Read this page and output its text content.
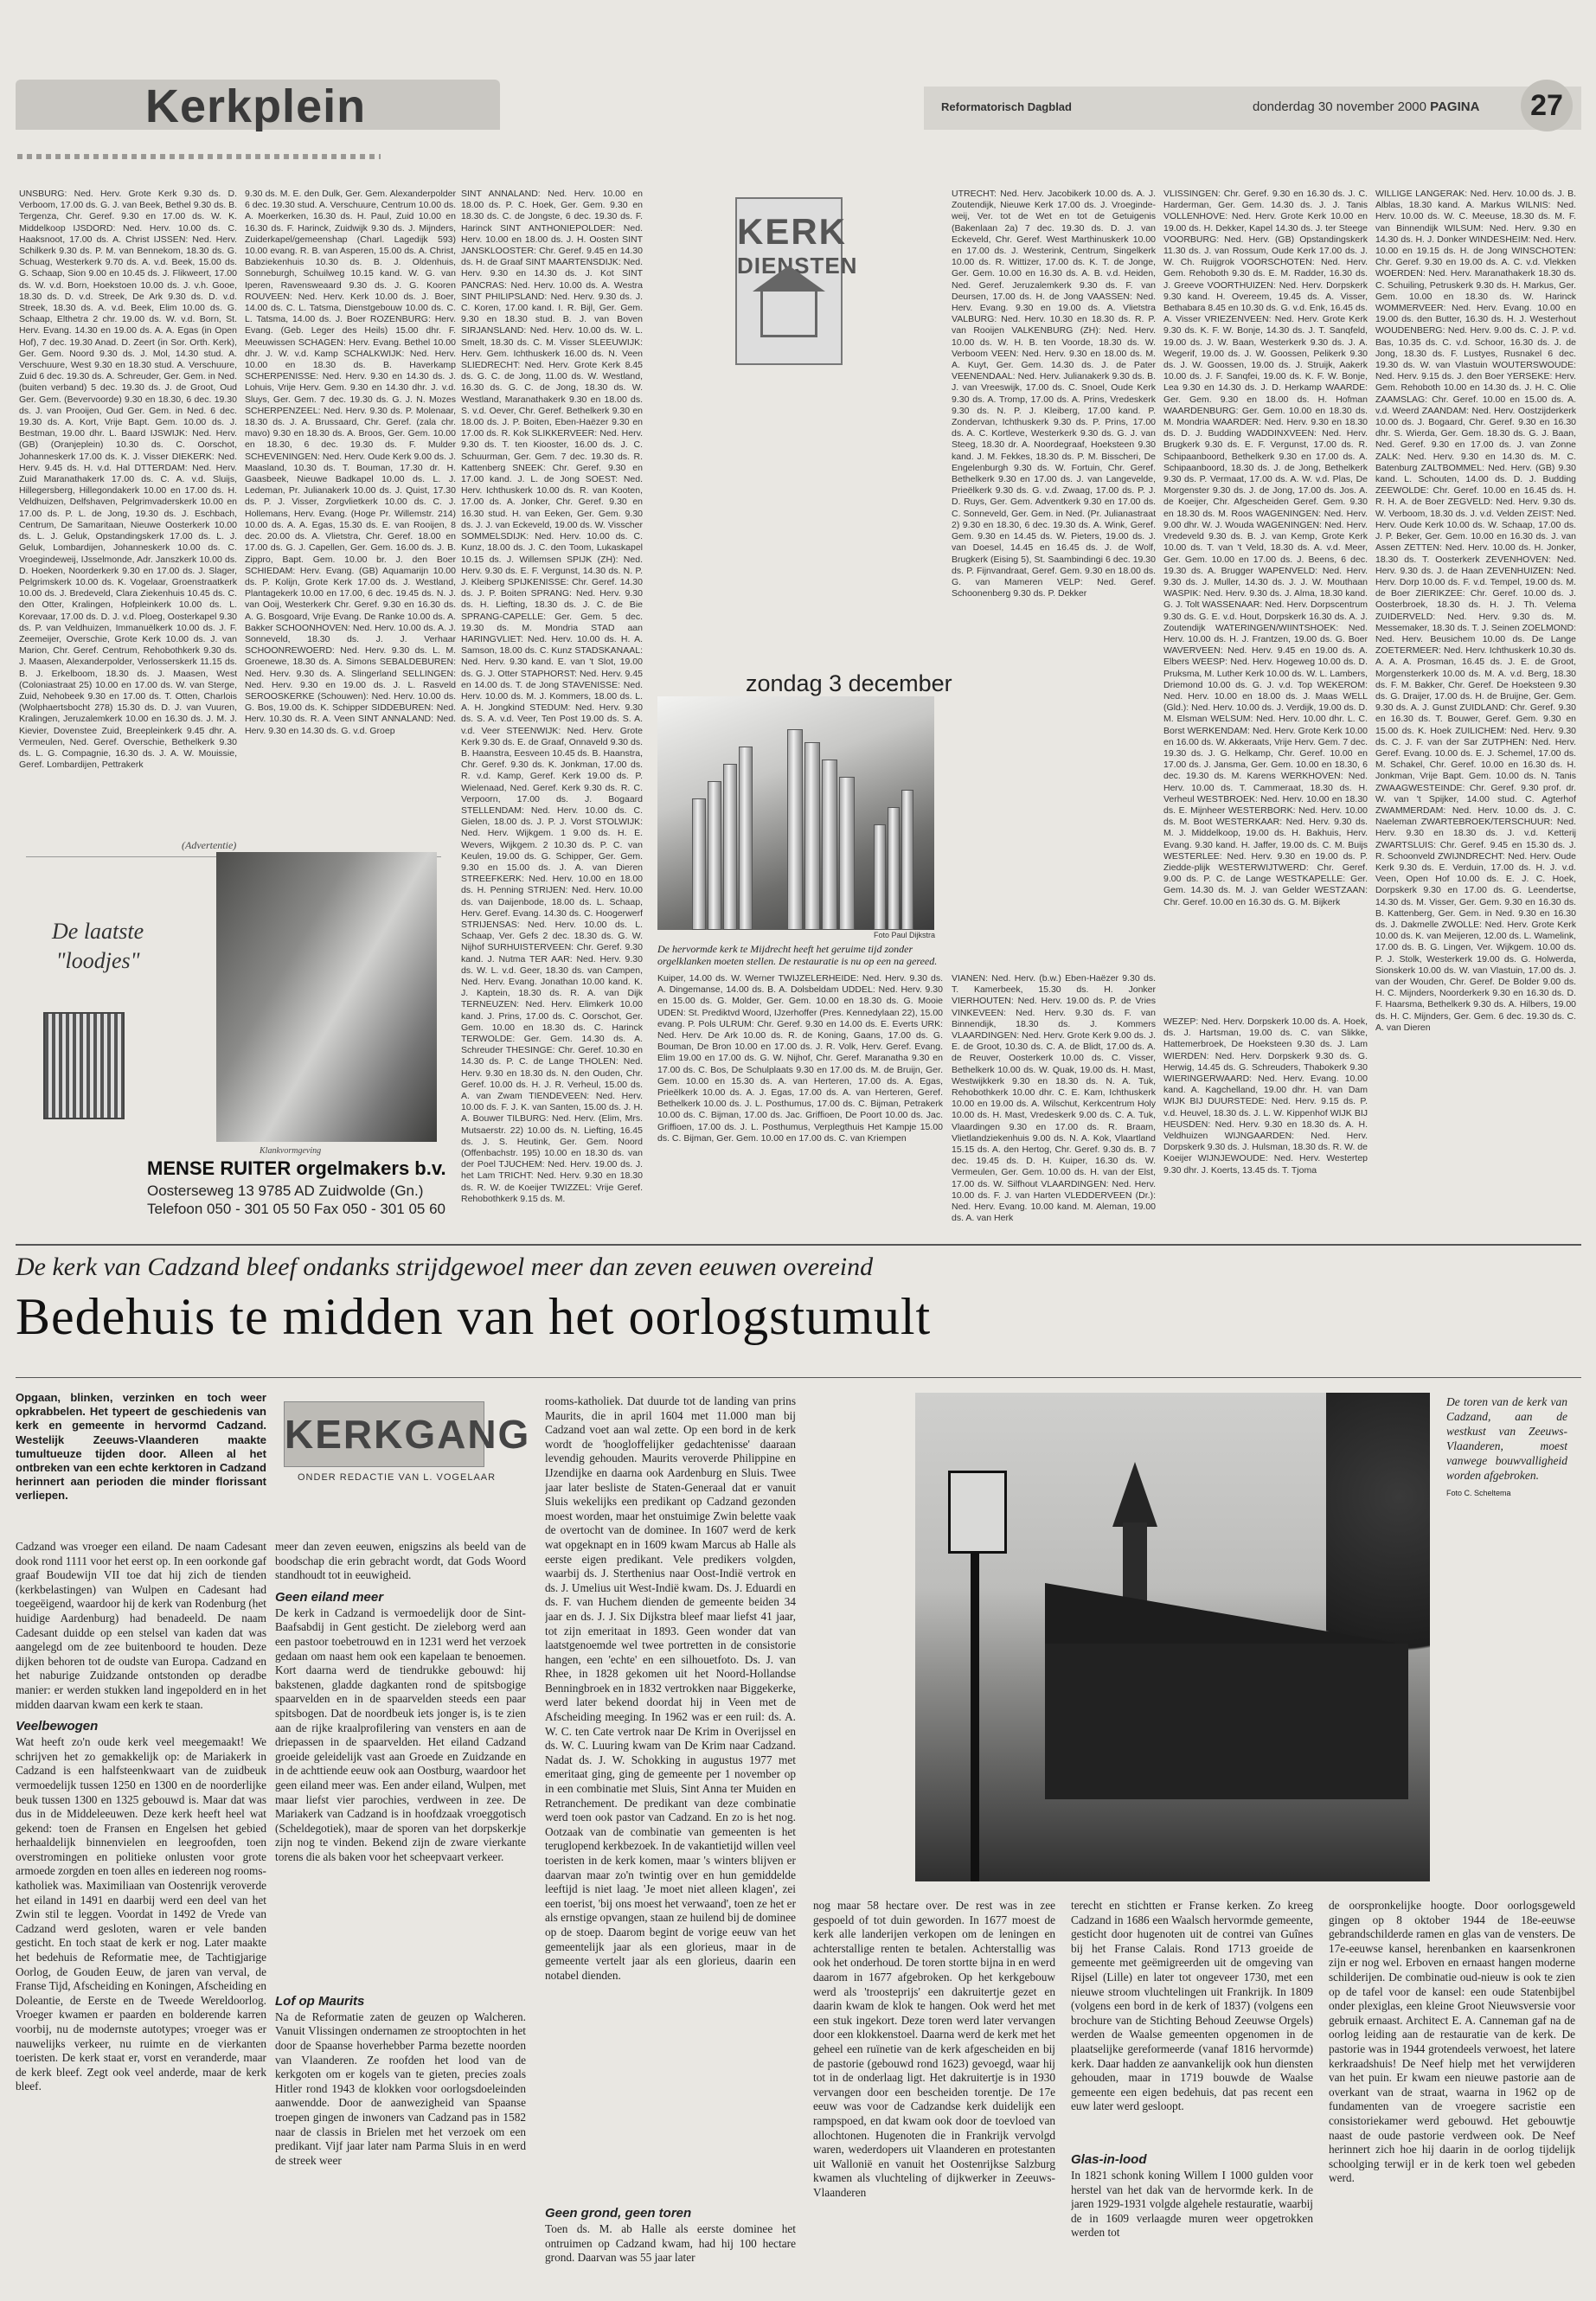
Kerkplein	Reformatorisch Dagblad	donderdag 30 november 2000 PAGINA	27
UNSBURG: Ned. Herv. Grote Kerk 9.30 ds. D. Verboom, 17.00 ds. G. J. van Beek, Bethel 9.30 ds. B. Tergenza, Chr. Geref. 9.30 en 17.00 ds. W. K. Middelkoop IJSDORD: Ned. Herv. 10.00 ds. C. Haaksnoot, 17.00 ds. A. Christ IJSSEN: Ned. Herv. Schilkerk 9.30 ds. P. M. van Bennekom, 18.30 ds. G. Schuag, Westerkerk 9.70 ds. A. v.d. Beek, 15.00 ds. G. Schaap, Sion 9.00 en 10.45 ds. J. Flikweert, 17.00 ds. W. v.d. Born, Hoekstoen 10.00 ds. J. v.h. Gooe, 18.30 ds. D. v.d. Streek, De Ark 9.30 ds. D. v.d. Streek, 18.30 ds. A. v.d. Beek, Elim 10.00 ds. G. Schaap, Elthetra 2 chr. 19.00 ds. W. v.d. Born, St. Herv. Evang. 14.30 en 19.00 ds. A. A. Egas (in Open Hof), 7 dec. 19.30 Anad. D. Zeert (in Sor. Orth. Kerk), Ger. Gem. Noord 9.30 ds. J. Mol, 14.30 stud. A. Verschuure, West 9.30 en 18.30 stud. A. Verschuure, Zuid 6 dec. 19.30 ds. A. Schreuder, Ger. Gem. in Ned. (buiten verband) 5 dec. 19.30 ds. J. de Groot, Oud Ger. Gem. (Bevervoorde) 9.30 en 18.30, 6 dec. 19.30 ds. J. van Prooijen, Oud Ger. Gem. in Ned. 6 dec. 19.30 ds. A. Kort, Vrije Bapt. Gem. 10.00 ds. J. Bestman, 19.00 dhr. L. Baard IJSWIJK: Ned. Herv. (GB) (Oranjeplein) 10.30 ds. C. Oorschot, Johanneskerk 17.00 ds. K. J. Visser DIEKERK: Ned. Herv. 9.45 ds. H. v.d. Hal DTTERDAM: Ned. Herv. Zuid Maranathakerk 17.00 ds. C. A. v.d. Sluijs, Hillegersberg, Hillegondakerk 10.00 en 17.00 ds. H. Veldhuizen, Delfshaven, Pelgrimvaderskerk 10.00 en 17.00 ds. P. L. de Jong, 19.30 ds. J. Eschbach, Centrum, De Samaritaan, Nieuwe Oosterkerk 10.00 ds. L. J. Geluk, Opstandingskerk 17.00 ds. L. J. Geluk, Lombardijen, Johanneskerk 10.00 ds. C. Vroegindeweij, IJsselmonde, Adr. Janszkerk 10.00 ds. D. Hoeken, Noorderkerk 9.30 en 17.00 ds. J. Slager, Pelgrimskerk 10.00 ds. K. Vogelaar, Groenstraatkerk 10.00 ds. J. Bredeveld, Clara Ziekenhuis 10.45 ds. C. den Otter, Kralingen, Hofpleinkerk 10.00 ds. L. Korevaar, 17.00 ds. D. J. v.d. Ploeg, Oosterkapel 9.30 ds. P. van Veldhuizen, Immanuëlkerk 10.00 ds. J. F. Zeemeijer, Overschie, Grote Kerk 10.00 ds. J. van Marion, Chr. Geref. Centrum, Rehobothkerk 9.30 ds. J. Maasen, Alexanderpolder, Verlosserskerk 11.15 ds. B. J. Erkelboom, 18.30 ds. J. Maasen, West (Coloniastraat 25) 10.00 en 17.00 ds. W. van Sterge, Zuid, Nehobeek 9.30 en 17.00 ds. T. Otten, Charlois (Wolphaertsbocht 278) 15.30 ds. D. J. van Vuuren, Kralingen, Jeruzalemkerk 10.00 en 16.30 ds. J. M. J. Kievier, Dovenstee Zuid, Breepleinkerk 9.45 dhr. A. Vermeulen, Ned. Geref. Overschie, Bethelkerk 9.30 ds. L. G. Compagnie, 16.30 ds. J. A. W. Mouissie, Geref. Lombardijen, Pettrakerk
9.30 ds. M. E. den Dulk, Ger. Gem. Alexanderpolder 6 dec. 19.30 stud. A. Verschuure, Centrum 10.00 ds. A. Moerkerken, 16.30 ds. H. Paul, Zuid 10.00 en 16.30 ds. F. Harinck, Zuidwijk 9.30 ds. J. Mijnders, Zuiderkapel/gemeenshap (Charl. Lagedijk 593) 10.00 evang. R. B. van Asperen, 15.00 ds. A. Christ, Babziekenhuis 10.30 ds. B. J. Oldenhuis, Sonneburgh, Schuilweg 10.15 kand. W. G. van Iperen, Ravensweaard 9.30 ds. J. G. Kooren ROUVEEN: Ned. Herv. Kerk 10.00 ds. J. Boer, 14.00 ds. C. L. Tatsma, Dienstgebouw 10.00 ds. C. L. Tatsma, 14.00 ds. J. Boer ROZENBURG: Herv. Evang. (Geb. Leger des Heils) 15.00 dhr. F. Meeuwissen SCHAGEN: Herv. Evang. Bethel 10.00 dhr. J. W. v.d. Kamp SCHALKWIJK: Ned. Herv. 10.00 en 18.30 ds. B. Haverkamp SCHERPENISSE: Ned. Herv. 9.30 en 14.30 ds. J. Lohuis, Vrije Herv. Gem. 9.30 en 14.30 dhr. J. v.d. Sluys, Ger. Gem. 7 dec. 19.30 ds. G. J. N. Mozes SCHERPENZEEL: Ned. Herv. 9.30 ds. P. Molenaar, 18.30 ds. J. A. Brussaard, Chr. Geref. (zala chr. mavo) 9.30 en 18.30 ds. A. Broos, Ger. Gem. 10.00 en 18.30, 6 dec. 19.30 ds. F. Mulder SCHEVENINGEN: Ned. Herv. Oude Kerk 9.00 ds. J. Maasland, 10.30 ds. T. Bouman, 17.30 dr. H. Gaasbeek, Nieuwe Badkapel 10.00 ds. L. J. Ledeman, Pr. Julianakerk 10.00 ds. J. Quist, 17.30 ds. P. J. Visser, Zorgvlietkerk 10.00 ds. C. J. Hollemans, Herv. Evang. (Hoge Pr. Willemstr. 214) 10.00 ds. A. A. Egas, 15.30 ds. E. van Rooijen, 8 dec. 20.00 ds. A. Vlietstra, Chr. Geref. 18.00 en 17.00 ds. G. J. Capellen, Ger. Gem. 16.00 ds. J. B. Zippro, Bapt. Gem. 10.00 br. J. den Boer SCHIEDAM: Herv. Evang. (GB) Aquamarijn 10.00 ds. P. Kolijn, Grote Kerk 17.00 ds. J. Westland, Plantagekerk 10.00 en 17.00, 6 dec. 19.45 ds. N. J. van Ooij, Westerkerk Chr. Geref. 9.30 en 16.30 ds. A. G. Bosgoard, Vrije Evang. De Ranke 10.00 ds. A. Bakker SCHOONHOVEN: Ned. Herv. 10.00 ds. A. J. Sonneveld, 18.30 ds. J. J. Verhaar SCHOONREWOERD: Ned. Herv. 9.30 ds. L. M. Groenewe, 18.30 ds. A. Simons SEBALDEBUREN: Ned. Herv. 9.30 ds. A. Slingerland SELLINGEN: Ned. Herv. 9.30 en 19.00 ds. J. L. Rasveld SEROOSKERKE (Schouwen): Ned. Herv. 10.00 ds. G. Bos, 19.00 ds. K. Schipper SIDDEBUREN: Ned. Herv. 10.30 ds. R. A. Veen SINT ANNALAND: Ned. Herv. 9.30 en 14.30 ds. G. v.d. Groep
SINT ANNALAND: Ned. Herv. 10.00 en 18.00 ds. P. C. Hoek, Ger. Gem. 9.30 en 18.30 ds. C. de Jongste, 6 dec. 19.30 ds. F. Harinck SINT ANTHONIEPOLDER: Ned. Herv. 10.00 en 18.00 ds. J. H. Oosten SINT JANSKLOOSTER: Chr. Geref. 9.45 en 14.30 ds. H. de Graaf SINT MAARTENSDIJK: Ned. Herv. 9.30 en 14.30 ds. J. Kot SINT PANCRAS: Ned. Herv. 10.00 ds. A. Westra SINT PHILIPSLAND: Ned. Herv. 9.30 ds. J. C. Koren, 17.00 kand. I. R. Bijl, Ger. Gem. 9.30 en 18.30 stud. B. J. van Boven SIRJANSLAND: Ned. Herv. 10.00 ds. W. L. Smelt, 18.30 ds. C. M. Visser SLEEUWIJK: Herv. Gem. Ichthuskerk 16.00 ds. N. Veen SLIEDRECHT: Ned. Herv. Grote Kerk 8.45 ds. G. C. de Jong, 11.00 ds. W. Westland, 16.30 ds. G. C. de Jong, 18.30 ds. W. Westland, Maranathakerk 9.30 en 18.00 ds. S. v.d. Oever, Chr. Geref. Bethelkerk 9.30 en 18.00 ds. J. P. Boiten, Eben-Haëzer 9.30 en 17.00 ds. R. Kok SLIKKERVEER: Ned. Herv. 9.30 ds. T. ten Kiooster, 16.00 ds. J. C. Schuurman, Ger. Gem. 7 dec. 19.30 ds. R. Kattenberg SNEEK: Chr. Geref. 9.30 en 17.00 kand. J. L. de Jong SOEST: Ned. Herv. Ichthuskerk 10.00 ds. R. van Kooten, 17.00 ds. A. Jonker, Chr. Geref. 9.30 en 16.30 stud. H. van Eeken, Ger. Gem. 9.30 ds. J. J. van Eckeveld, 19.00 ds. W. Visscher SOMMELSDIJK: Ned. Herv. 10.00 ds. C. Kunz, 18.00 ds. J. C. den Toom, Lukaskapel 10.15 ds. J. Willemsen SPIJK (ZH): Ned. Herv. 9.30 ds. E. F. Vergunst, 14.30 ds. N. P. J. Kleiberg SPIJKENISSE: Chr. Geref. 14.30 ds. J. P. Boiten SPRANG: Ned. Herv. 9.30 ds. H. Liefting, 18.30 ds. J. C. de Bie SPRANG-CAPELLE: Ger. Gem. 5 dec. 19.30 ds. M. Mondria STAD aan HARINGVLIET: Ned. Herv. 10.00 ds. H. A. Samson, 18.00 ds. C. Kunz STADSKANAAL: Ned. Herv. 9.30 kand. E. van 't Slot, 19.00 ds. G. J. Otter STAPHORST: Ned. Herv. 9.45 en 14.00 ds. T. de Jong STAVENISSE: Ned. Herv. 10.00 ds. M. J. Kommers, 18.00 ds. L. A. H. Jongkind STEDUM: Ned. Herv. 9.30 ds. S. A. v.d. Veer, Ten Post 19.00 ds. S. A. v.d. Veer STEENWIJK: Ned. Herv. Grote Kerk 9.30 ds. E. de Graaf, Onnaveld 9.30 ds. B. Haanstra, Eesveen 10.45 ds. B. Haanstra, Chr. Geref. 9.30 ds. K. Jonkman, 17.00 ds. R. v.d. Kamp, Geref. Kerk 19.00 ds. P. Wielenaad, Ned. Geref. Kerk 9.30 ds. R. C. Verpoorn, 17.00 ds. J. Bogaard STELLENDAM: Ned. Herv. 10.00 ds. C. Gielen, 18.00 ds. J. P. J. Vorst STOLWIJK: Ned. Herv. Wijkgem. 1 9.00 ds. H. E. Wevers, Wijkgem. 2 10.30 ds. P. C. van Keulen, 19.00 ds. G. Schipper, Ger. Gem. 9.30 en 15.00 ds. J. A. van Dieren STREEFKERK: Ned. Herv. 10.00 en 18.00 ds. H. Penning STRIJEN: Ned. Herv. 10.00 ds. van Daijenbode, 18.00 ds. L. Schaap, Herv. Geref. Evang. 14.30 ds. C. Hoogerwerf STRIJENSAS: Ned. Herv. 10.00 ds. L. Schaap, Ver. Gefs 2 dec. 18.30 ds. G. W. Nijhof SURHUISTERVEEN: Chr. Geref. 9.30 kand. J. Nutma TER AAR: Ned. Herv. 9.30 ds. W. L. v.d. Geer, 18.30 ds. van Campen, Ned. Herv. Evang. Jonathan 10.00 kand. K. J. Kaptein, 18.30 ds. R. A. van Dijk TERNEUZEN: Ned. Herv. Elimkerk 10.00 kand. J. Prins, 17.00 ds. C. Oorschot, Ger. Gem. 10.00 en 18.30 ds. C. Harinck TERWOLDE: Ger. Gem. 14.30 ds. A. Schreuder THESINGE: Chr. Geref. 10.30 en 14.30 ds. P. C. de Lange THOLEN: Ned. Herv. 9.30 en 18.30 ds. N. den Ouden, Chr. Geref. 10.00 ds. H. J. R. Verheul, 15.00 ds. A. van Zwam TIENDEVEEN: Ned. Herv. 10.00 ds. F. J. K. van Santen, 15.00 ds. J. H. A. Bouwer TILBURG: Ned. Herv. (Elim, Mrs. Mutsaerstr. 22) 10.00 ds. N. Liefting, 16.45 ds. J. S. Heutink, Ger. Gem. Noord (Offenbachstr. 195) 10.00 en 18.30 ds. van der Poel TJUCHEM: Ned. Herv. 19.00 ds. J. het Lam TRICHT: Ned. Herv. 9.30 en 18.30 ds. R. W. de Koeijer TWIZZEL: Vrije Geref. Rehobothkerk 9.15 ds. M.
KERK
DIENSTEN
zondag 3 december
Foto Paul Dijkstra
De hervormde kerk te Mijdrecht heeft het geruime tijd zonder orgelklanken moeten stellen. De restauratie is nu op een na gereed.
Kuiper, 14.00 ds. W. Werner TWIJZELERHEIDE: Ned. Herv. 9.30 ds. A. Dingemanse, 14.00 ds. B. A. Dolsbeldam UDDEL: Ned. Herv. 9.30 en 15.00 ds. G. Molder, Ger. Gem. 10.00 en 18.30 ds. G. Mooie UDEN: St. Prediktvd Woord, IJzerhoffer (Pres. Kennedylaan 22), 15.00 evang. P. Pols ULRUM: Chr. Geref. 9.30 en 14.00 ds. E. Everts URK: Ned. Herv. De Ark 10.00 ds. R. de Koning, Gaans, 17.00 ds. G. Bouman, De Bron 10.00 en 17.00 ds. J. R. Volk, Herv. Geref. Evang. Elim 19.00 en 17.00 ds. G. W. Nijhof, Chr. Geref. Maranatha 9.30 en 17.00 ds. C. Bos, De Schulplaats 9.30 en 17.00 ds. M. de Bruijn, Ger. Gem. 10.00 en 15.30 ds. A. van Herteren, 17.00 ds. A. Egas, Prieëlkerk 10.00 ds. A. J. Egas, 17.00 ds. A. van Herteren, Geref. Bethelkerk 10.00 ds. J. L. Posthumus, 17.00 ds. C. Bijman, Petrakerk 10.00 ds. C. Bijman, 17.00 ds. Jac. Griffioen, De Poort 10.00 ds. Jac. Griffioen, 17.00 ds. J. L. Posthumus, Verplegthuis Het Kampje 15.00 ds. C. Bijman, Ger. Gem. 10.00 en 17.00 ds. C. van Kriempen
UTRECHT: Ned. Herv. Jacobikerk 10.00 ds. A. J. Zoutendijk, Nieuwe Kerk 17.00 ds. J. Vroegindeweij, Ver. tot de Wet en tot de Getuigenis (Bakenlaan 2a) 7 dec. 19.30 ds. D. J. van Eckeveld, Chr. Geref. West Marthinuskerk 10.00 en 17.00 ds. J. Westerink, Centrum, Singelkerk 10.00 ds. R. Wittizer, 17.00 ds. K. T. de Jonge, Ger. Gem. 10.00 en 16.30 ds. A. B. v.d. Heiden, Ned. Geref. Jeruzalemkerk 9.30 ds. F. van Deursen, 17.00 ds. H. de Jong VAASSEN: Ned. Herv. Evang. 9.30 en 19.00 ds. A. Vlietstra VALBURG: Ned. Herv. 10.30 en 18.30 ds. R. P. van Rooijen VALKENBURG (ZH): Ned. Herv. 10.00 ds. W. H. B. ten Voorde, 18.30 ds. W. Verboom VEEN: Ned. Herv. 9.30 en 18.00 ds. M. A. Kuyt, Ger. Gem. 14.30 ds. J. de Pater VEENENDAAL: Ned. Herv. Julianakerk 9.30 ds. B. J. van Vreeswijk, 17.00 ds. C. Snoel, Oude Kerk 9.30 ds. A. Tromp, 17.00 ds. A. Prins, Vredeskerk 9.30 ds. N. P. J. Kleiberg, 17.00 kand. P. Zondervan, Ichthuskerk 9.30 ds. P. Prins, 17.00 ds. A. C. Kortleve, Westerkerk 9.30 ds. G. J. van Steeg, 18.30 dr. A. Noordegraaf, Hoeksteen 9.30 kand. J. M. Fekkes, 18.30 ds. P. M. Bisscheri, De Engelenburgh 9.30 ds. W. Fortuin, Chr. Geref. Bethelkerk 9.30 en 17.00 ds. J. van Langevelde, Prieëlkerk 9.30 ds. G. v.d. Zwaag, 17.00 ds. P. J. D. Ruys, Ger. Gem. Adventkerk 9.30 en 17.00 ds. C. Sonneveld, Ger. Gem. in Ned. (Pr. Julianastraat 2) 9.30 en 18.30, 6 dec. 19.30 ds. A. Wink, Geref. Gem. 9.30 en 14.45 ds. W. Pieters, 19.00 ds. J. van Doesel, 14.45 en 16.45 ds. J. de Wolf, Brugkerk (Eising 5), St. Saambindingi 6 dec. 19.30 ds. P. Fijnvandraat, Geref. Gem. 9.30 en 18.00 ds. G. van Mameren VELP: Ned. Geref. Schoonenberg 9.30 ds. P. Dekker
VIANEN: Ned. Herv. (b.w.) Eben-Haëzer 9.30 ds. T. Kamerbeek, 15.30 ds. H. Jonker VIERHOUTEN: Ned. Herv. 19.00 ds. P. de Vries VINKEVEEN: Ned. Herv. 9.30 ds. F. van Binnendijk, 18.30 ds. J. Kommers VLAARDINGEN: Ned. Herv. Grote Kerk 9.00 ds. J. E. de Groot, 10.30 ds. C. A. de Blidt, 17.00 ds. A. de Reuver, Oosterkerk 10.00 ds. C. Visser, Bethelkerk 10.00 ds. W. Quak, 19.00 ds. H. Mast, Westwijkkerk 9.30 en 18.30 ds. N. A. Tuk, Rehobothkerk 10.00 dhr. C. E. Kam, Ichthuskerk 10.00 en 19.00 ds. A. Wilschut, Kerkcentrum Holy 10.00 ds. H. Mast, Vredeskerk 9.00 ds. C. A. Tuk, Vlaardingen 9.30 en 17.00 ds. R. Braam, Vlietlandziekenhuis 9.00 ds. N. A. Kok, Vlaartland 15.15 ds. A. den Hertog, Chr. Geref. 9.30 ds. B. 7 dec. 19.45 ds. D. H. Kuiper, 16.30 ds. W. Vermeulen, Ger. Gem. 10.00 ds. H. van der Elst, 17.00 ds. W. Silfhout VLAARDINGEN: Ned. Herv. 10.00 ds. F. J. van Harten VLEDDERVEEN (Dr.): Ned. Herv. Evang. 10.00 kand. M. Aleman, 19.00 ds. A. van Herk
VLISSINGEN: Chr. Geref. 9.30 en 16.30 ds. J. C. Harderman, Ger. Gem. 14.30 ds. J. J. Tanis VOLLENHOVE: Ned. Herv. Grote Kerk 10.00 en 19.00 ds. H. Dekker, Kapel 14.30 ds. J. ter Steege VOORBURG: Ned. Herv. (GB) Opstandingskerk 11.30 ds. J. van Rossum, Oude Kerk 17.00 ds. J. W. Ch. Ruijgrok VOORSCHOTEN: Ned. Herv. Gem. Rehoboth 9.30 ds. E. M. Radder, 16.30 ds. J. Greeve VOORTHUIZEN: Ned. Herv. Dorpskerk 9.30 kand. H. Overeem, 19.45 ds. A. Visser, Bethabara 8.45 en 10.30 ds. G. v.d. Enk, 16.45 ds. A. Visser VRIEZENVEEN: Ned. Herv. Grote Kerk 9.30 ds. K. F. W. Bonje, 14.30 ds. J. T. Sanqfeld, 19.00 ds. J. W. Baan, Westerkerk 9.30 ds. J. A. Wegerif, 19.00 ds. J. W. Goossen, Pelikerk 9.30 ds. J. W. Goossen, 19.00 ds. J. Struijk, Aakerk 10.00 ds. J. F. Sanqfei, 19.00 ds. K. F. W. Bonje, Lea 9.30 en 14.30 ds. J. D. Herkamp WAARDE: Ger. Gem. 9.30 en 18.00 ds. H. Hofman WAARDENBURG: Ger. Gem. 10.00 en 18.30 ds. M. Mondria WAARDER: Ned. Herv. 9.30 en 18.30 ds. D. J. Budding WADDINXVEEN: Ned. Herv. Brugkerk 9.30 ds. E. F. Vergunst, 17.00 ds. R. Schipaanboord, Bethelkerk 9.30 en 17.00 ds. A. Schipaanboord, 18.30 ds. J. de Jong, Bethelkerk 9.30 ds. P. Vermaat, 17.00 ds. A. W. v.d. Plas, De Morgenster 9.30 ds. J. de Jong, 17.00 ds. Jos. A. de Koeijer, Chr. Afgescheiden Geref. Gem. 9.30 en 18.30 ds. M. Roos WAGENINGEN: Ned. Herv. 9.00 dhr. W. J. Wouda WAGENINGEN: Ned. Herv. Vredeveld 9.30 ds. B. J. van Kemp, Grote Kerk 10.00 ds. T. van 't Veld, 18.30 ds. A. v.d. Meer, Ger. Gem. 10.00 en 17.00 ds. J. Beens, 6 dec. 19.30 ds. A. Brugger WAPENVELD: Ned. Herv. 9.30 ds. J. Muller, 14.30 ds. J. J. W. Mouthaan WASPIK: Ned. Herv. 9.30 ds. J. Alma, 18.30 kand. G. J. Tolt WASSENAAR: Ned. Herv. Dorpscentrum 9.30 ds. G. E. v.d. Hout, Dorpskerk 16.30 ds. A. J. Zoutendijk WATERINGEN/WIINTSHOEK: Ned. Herv. 10.00 ds. H. J. Frantzen, 19.00 ds. G. Boer WAVERVEEN: Ned. Herv. 9.45 en 19.00 ds. A. Elbers WEESP: Ned. Herv. Hogeweg 10.00 ds. D. Pruksma, M. Luther Kerk 10.00 ds. W. L. Lambers, Driemond 10.00 ds. G. J. v.d. Top WEKEROM: Ned. Herv. 10.00 en 18.00 ds. J. Maas WELL (Gld.): Ned. Herv. 10.00 ds. J. Verdijk, 19.00 ds. D. M. Elsman WELSUM: Ned. Herv. 10.00 dhr. L. C. Borst WERKENDAM: Ned. Herv. Grote Kerk 10.00 en 16.00 ds. W. Akkeraats, Vrije Herv. Gem. 7 dec. 19.30 ds. J. G. Helkamp, Chr. Geref. 10.00 en 17.00 ds. J. Jansma, Ger. Gem. 10.00 en 18.30, 6 dec. 19.30 ds. M. Karens WERKHOVEN: Ned. Herv. 10.00 ds. T. Cammeraat, 18.30 ds. H. Verheul WESTBROEK: Ned. Herv. 10.00 en 18.30 ds. E. Mijnheer WESTERBORK: Ned. Herv. 10.00 ds. M. Boot WESTERKAAR: Ned. Herv. 9.30 ds. M. J. Middelkoop, 19.00 ds. H. Bakhuis, Herv. Evang. 9.30 kand. H. Jaffer, 19.00 ds. C. M. Buijs WESTERLEE: Ned. Herv. 9.30 en 19.00 ds. P. Ziedde-plijk WESTERWIJTWERD: Chr. Geref. 9.00 ds. P. C. de Lange WESTKAPELLE: Ger. Gem. 14.30 ds. M. J. van Gelder WESTZAAN: Chr. Geref. 10.00 en 16.30 ds. G. M. Bijkerk
WEZEP: Ned. Herv. Dorpskerk 10.00 ds. A. Hoek, ds. J. Hartsman, 19.00 ds. C. van Slikke, Hattemerbroek, De Hoeksteen 9.30 ds. J. Lam WIERDEN: Ned. Herv. Dorpskerk 9.30 ds. G. Herwig, 14.45 ds. G. Schreuders, Thabokerk 9.30 WIERINGERWAARD: Ned. Herv. Evang. 10.00 kand. A. Kagchelland, 19.00 dhr. H. van Dam WIJK BIJ DUURSTEDE: Ned. Herv. 9.15 ds. P. v.d. Heuvel, 18.30 ds. J. L. W. Kippenhof WIJK BIJ HEUSDEN: Ned. Herv. 9.30 en 18.30 ds. A. H. Veldhuizen WIJNGAARDEN: Ned. Herv. Dorpskerk 9.30 ds. J. Hulsman, 18.30 ds. R. W. de Koeijer WIJNJEWOUDE: Ned. Herv. Westertep 9.30 dhr. J. Koerts, 13.45 ds. T. Tjoma
WILLIGE LANGERAK: Ned. Herv. 10.00 ds. J. B. Alblas, 18.30 kand. A. Markus WILNIS: Ned. Herv. 10.00 ds. W. C. Meeuse, 18.30 ds. M. F. van Binnendijk WILSUM: Ned. Herv. 9.30 en 14.30 ds. H. J. Donker WINDESHEIM: Ned. Herv. 10.00 en 19.15 ds. H. de Jong WINSCHOTEN: Chr. Geref. 9.30 en 19.00 ds. A. C. v.d. Vlekken WOERDEN: Ned. Herv. Maranathakerk 18.30 ds. C. Schuiling, Petruskerk 9.30 ds. H. Markus, Ger. Gem. 10.00 en 18.30 ds. W. Harinck WOMMERVEER: Ned. Herv. Evang. 10.00 en 19.00 ds. den Butter, 16.30 ds. H. J. Westerhout WOUDENBERG: Ned. Herv. 9.00 ds. C. J. P. v.d. Bas, 10.35 ds. C. v.d. Schoor, 16.30 ds. J. de Jong, 18.30 ds. F. Lustyes, Rusnakel 6 dec. 19.30 ds. W. van Vlastuin WOUTERSWOUDE: Ned. Herv. 9.15 ds. J. den Boer YERSEKE: Herv. Gem. Rehoboth 10.00 en 14.30 ds. J. H. C. Olie ZAAMSLAG: Chr. Geref. 10.00 en 15.00 ds. A. v.d. Weerd ZAANDAM: Ned. Herv. Oostzijderkerk 10.00 ds. J. Bogaard, Chr. Geref. 9.30 en 16.30 dhr. S. Wierda, Ger. Gem. 18.30 ds. G. J. Baan, Ned. Geref. 9.30 en 17.00 ds. J. van Zonne ZALK: Ned. Herv. 9.30 en 14.30 ds. M. C. Batenburg ZALTBOMMEL: Ned. Herv. (GB) 9.30 kand. L. Schouten, 14.00 ds. D. J. Budding ZEEWOLDE: Chr. Geref. 10.00 en 16.45 ds. H. R. H. A. de Boer ZEGVELD: Ned. Herv. 9.30 ds. W. Verboom, 18.30 ds. J. v.d. Velden ZEIST: Ned. Herv. Oude Kerk 10.00 ds. W. Schaap, 17.00 ds. J. P. Beker, Ger. Gem. 10.00 en 16.30 ds. J. van Assen ZETTEN: Ned. Herv. 10.00 ds. H. Jonker, 18.30 ds. T. Oosterkerk ZEVENHOVEN: Ned. Herv. 9.30 ds. J. de Haan ZEVENHUIZEN: Ned. Herv. Dorp 10.00 ds. F. v.d. Tempel, 19.00 ds. M. de Boer ZIERIKZEE: Chr. Geref. 10.00 ds. J. Oosterbroek, 18.30 ds. H. J. Th. Velema ZUIDERVELD: Ned. Herv. 9.30 ds. M. Messemaker, 18.30 ds. T. J. Seinen ZOELMOND: Ned. Herv. Beusichem 10.00 ds. De Lange ZOETERMEER: Ned. Herv. Ichthuskerk 10.30 ds. A. A. A. Prosman, 16.45 ds. J. E. de Groot, Morgensterkerk 10.00 ds. M. A. v.d. Berg, 18.30 ds. F. M. Bakker, Chr. Geref. De Hoeksteen 9.30 ds. G. Draijer, 17.00 ds. H. de Bruijne, Ger. Gem. 9.30 ds. A. J. Gunst ZUIDLAND: Chr. Geref. 9.30 en 16.30 ds. T. Bouwer, Geref. Gem. 9.30 en 15.00 ds. K. Hoek ZUILICHEM: Ned. Herv. 9.30 ds. C. J. F. van der Sar ZUTPHEN: Ned. Herv. Geref. Evang. 10.00 ds. E. J. Schemel, 17.00 ds. M. Schakel, Chr. Geref. 10.00 en 16.30 ds. H. Jonkman, Vrije Bapt. Gem. 10.00 ds. N. Tanis ZWAAGWESTEINDE: Chr. Geref. 9.30 prof. dr. W. van 't Spijker, 14.00 stud. C. Agterhof ZWAMMERDAM: Ned. Herv. 10.00 ds. J. C. Naeleman ZWARTEBROEK/TERSCHUUR: Ned. Herv. 9.30 en 18.30 ds. J. v.d. Ketterij ZWARTSLUIS: Chr. Geref. 9.45 en 15.30 ds. J. R. Schoonveld ZWIJNDRECHT: Ned. Herv. Oude Kerk 9.30 ds. E. Verduin, 17.00 ds. H. J. v.d. Veen, Open Hof 10.00 ds. E. J. C. Hoek, Dorpskerk 9.30 en 17.00 ds. G. Leendertse, 14.30 ds. M. Visser, Ger. Gem. 9.30 en 16.30 ds. B. Kattenberg, Ger. Gem. in Ned. 9.30 en 16.30 ds. J. Dakmelle ZWOLLE: Ned. Herv. Grote Kerk 10.00 ds. K. van Meijeren, 12.00 ds. L. Wamelink, 17.00 ds. B. G. Lingen, Ver. Wijkgem. 10.00 ds. P. J. Stolk, Westerkerk 19.00 ds. G. Holwerda, Sionskerk 10.00 ds. W. van Vlastuin, 17.00 ds. J. van der Wouden, Chr. Geref. De Bolder 9.00 ds. H. C. Mijnders, Noorderkerk 9.30 en 16.30 ds. D. F. Haarsma, Bethelkerk 9.30 ds. A. Hilbers, 19.00 ds. H. C. Mijnders, Ger. Gem. 6 dec. 19.30 ds. C. A. van Dieren
(Advertentie)
De laatste
"loodjes"
Klankvormgeving
MENSE RUITER orgelmakers b.v.
Oosterseweg 13 9785 AD Zuidwolde (Gn.)
Telefoon 050 - 301 05 50 Fax 050 - 301 05 60
De kerk van Cadzand bleef ondanks strijdgewoel meer dan zeven eeuwen overeind
Bedehuis te midden van het oorlogstumult
Opgaan, blinken, verzinken en toch weer opkrabbelen. Het typeert de geschiedenis van kerk en gemeente in hervormd Cadzand. Westelijk Zeeuws-Vlaanderen maakte tumultueuze tijden door. Alleen al het ontbreken van een echte kerktoren in Cadzand herinnert aan perioden die minder florissant verliepen.
KERKGANG
ONDER REDACTIE VAN L. VOGELAAR
Cadzand was vroeger een eiland. De naam Cadesant dook rond 1111 voor het eerst op. In een oorkonde gaf graaf Boudewijn VII toe dat hij zich de tienden (kerkbelastingen) van Wulpen en Cadesant had toegeëigend, waardoor hij de kerk van Rodenburg (het huidige Aardenburg) had benadeeld. De naam Cadesant duidde op een stelsel van kaden dat was aangelegd om de zee buitenboord te houden. Deze dijken behoren tot de oudste van Europa. Cadzand en het naburige Zuidzande ontstonden op deradbe manier: er werden stukken land ingepolderd en in het midden daarvan kwam een kerk te staan.
Veelbewogen
Wat heeft zo'n oude kerk veel meegemaakt! We schrijven het zo gemakkelijk op: de Mariakerk in Cadzand is een halfsteenkwaart van de zuidbeuk vermoedelijk tussen 1250 en 1300 en de noorderlijke beuk tussen 1300 en 1325 gebouwd is. Maar dat was dus in de Middeleeuwen. Deze kerk heeft heel wat gekend: toen de Fransen en Engelsen het gebied herhaaldelijk binnenvielen en leegroofden, toen overstromingen en politieke onlusten voor grote armoede zorgden en toen alles en iedereen nog rooms-katholiek was. Maximiliaan van Oostenrijk veroverde het eiland in 1491 en daarbij werd een deel van het Zwin stil te leggen. Voordat in 1492 de Vrede van Cadzand werd gesloten, waren er vele banden gesticht. En toch staat de kerk er nog. Later maakte het bedehuis de Reformatie mee, de Tachtigjarige Oorlog, de Gouden Eeuw, de jaren van verval, de Franse Tijd, Afscheiding en Koningen, Afscheiding en Doleantie, de Eerste en de Tweede Wereldoorlog. Vroeger kwamen er paarden en bolderende karren voorbij, nu de modernste autotypes; vroeger was er nauwelijks verkeer, nu ruimte en de vierkanten toeristen. De kerk staat er, vorst en veranderde, maar de kerk bleef. Zegt ook veel anderde, maar de kerk bleef.
meer dan zeven eeuwen, enigszins als beeld van de boodschap die erin gebracht wordt, dat Gods Woord standhoudt tot in eeuwigheid.
Geen eiland meer
De kerk in Cadzand is vermoedelijk door de Sint-Baafsabdij in Gent gesticht. De zieleborg werd aan een pastoor toebetrouwd en in 1231 werd het verzoek gedaan om naast hem ook een kapelaan te benoemen. Kort daarna werd de tiendrukke gebouwd: hij bakstenen, gladde dagkanten rond de spitsbogige spaarvelden en in de spaarvelden steeds een paar spitsbogen. Dat de noordbeuk iets jonger is, is te zien aan de rijke kraalprofilering van vensters en aan de driepassen in de spaarvelden. Het eiland Cadzand groeide geleidelijk vast aan Groede en Zuidzande en in de achttiende eeuw ook aan Oostburg, waardoor het geen eiland meer was. Een ander eiland, Wulpen, met maar liefst vier parochies, verdween in zee. De Mariakerk van Cadzand is in hoofdzaak vroeggotisch (Scheldegotiek), maar de sporen van het dorpskerkje zijn nog te vinden. Bekend zijn de zware vierkante torens die als baken voor het scheepvaart verkeer.
Lof op Maurits
Na de Reformatie zaten de geuzen op Walcheren. Vanuit Vlissingen ondernamen ze strooptochten in het door de Spaanse hoverhebber Parma bezette noorden van Vlaanderen. Ze roofden het lood van de kerkgoten om er kogels van te gieten, precies zoals Hitler rond 1943 de klokken voor oorlogsdoeleinden aanwendde. Door de aanwezigheid van Spaanse troepen gingen de inwoners van Cadzand pas in 1582 naar de classis in Brielen met het verzoek om een predikant. Vijf jaar later nam Parma Sluis in en werd de streek weer
rooms-katholiek. Dat duurde tot de landing van prins Maurits, die in april 1604 met 11.000 man bij Cadzand voet aan wal zette. Op een bord in de kerk wordt de 'hoogloffelijker gedachtenisse' daaraan levendig gehouden. Maurits veroverde Philippine en IJzendijke en daarna ook Aardenburg en Sluis. Twee jaar later besliste de Staten-Generaal dat er vanuit Sluis wekelijks een predikant op Cadzand gezonden moest worden, maar het onstuimige Zwin belette vaak de overtocht van de dominee. In 1607 werd de kerk wat opgeknapt en in 1609 kwam Marcus ab Halle als eerste eigen predikant. Vele predikers volgden, waarbij ds. J. Sterthenius naar Oost-Indië vertrok en ds. J. Umelius uit West-Indië kwam. Ds. J. Eduardi en ds. F. van Huchem dienden de gemeente beiden 34 jaar en ds. J. J. Six Dijkstra bleef maar liefst 41 jaar, tot zijn emeritaat in 1893. Geen wonder dat van laatstgenoemde wel twee portretten in de consistorie hangen, een 'echte' en een silhouetfoto. Ds. J. van Rhee, in 1828 gekomen uit het Noord-Hollandse Benningbroek en in 1832 vertrokken naar Biggekerke, werd later bekend doordat hij in Veen met de Afscheiding meeging. In 1962 was er een ruil: ds. A. W. C. ten Cate vertrok naar De Krim in Overijssel en ds. W. C. Luuring kwam van De Krim naar Cadzand. Nadat ds. J. W. Schokking in augustus 1977 met emeritaat ging, ging de gemeente per 1 november op in een combinatie met Sluis, Sint Anna ter Muiden en Retranchement. De predikant van deze combinatie werd toen ook pastor van Cadzand. En zo is het nog. Ootzaak van de combinatie van gemeenten is het teruglopend kerkbezoek. In de vakantietijd willen veel toeristen in de kerk komen, maar 's winters blijven er daarvan maar zo'n twintig over en hun gemiddelde leeftijd is niet laag. 'Je moet niet alleen klagen', zei een toerist, 'bij ons moest het verwaand', toen ze het er als ernstige opvangen, staan ze huilend bij de dominee op de stoep. Daarom begint de vorige eeuw van het gemeentelijk jaar als een glorieus, maar in de gemeente vertelt jaar als een glorieus, daarin een notabel dienden.
Geen grond, geen toren
Toen ds. M. ab Halle als eerste dominee het ontruimen op Cadzand kwam, had hij 100 hectare grond. Daarvan was 55 jaar later
De toren van de kerk van Cadzand, aan de westkust van Zeeuws-Vlaanderen, moest vanwege bouwvalligheid worden afgebroken.
Foto C. Scheltema
nog maar 58 hectare over. De rest was in zee gespoeld of tot duin geworden. In 1677 moest de kerk alle landerijen verkopen om de leningen en achterstallige renten te betalen. Achterstallig was ook het onderhoud. De toren stortte bijna in en werd daarom in 1677 afgebroken. Op het kerkgebouw werd als 'troosteprijs' een dakruitertje gezet en daarin kwam de klok te hangen. Ook werd het met een stuk ingekort. Deze toren werd later vervangen door een klokkenstoel. Daarna werd de kerk met het geheel een ruïnetie van de kerk afgescheiden en bij de pastorie (gebouwd rond 1623) gevoegd, waar hij tot in de onderlaag ligt. Het dakruitertje is in 1930 vervangen door een bescheiden torentje. De 17e eeuw was voor de Cadzandse kerk duidelijk een rampspoed, en dat kwam ook door de toevloed van allochtonen. Hugenoten die in Frankrijk vervolgd waren, wederdopers uit Vlaanderen en protestanten uit Wallonië en vanuit het Oostenrijkse Salzburg kwamen als vluchteling of dijkwerker in Zeeuws-Vlaanderen
terecht en stichtten er Franse kerken. Zo kreeg Cadzand in 1686 een Waalsch hervormde gemeente, gesticht door hugenoten uit de contrei van Guînes bij het Franse Calais. Rond 1713 groeide de gemeente met geëmigreerden uit de omgeving van Rijsel (Lille) en later tot ongeveer 1730, met een nieuwe stroom vluchtelingen uit Frankrijk. In 1809 (volgens een bord in de kerk of 1837) (volgens een brochure van de Stichting Behoud Zeeuwse Orgels) werden de Waalse gemeenten opgenomen in de plaatselijke gereformeerde (vanaf 1816 hervormde) kerk. Daar hadden ze aanvankelijk ook hun diensten gehouden, maar in 1719 bouwde de Waalse gemeente een eigen bedehuis, dat pas recent een euw later werd gesloopt.
Glas-in-lood
In 1821 schonk koning Willem I 1000 gulden voor herstel van het dak van de hervormde kerk. In de jaren 1929-1931 volgde algehele restauratie, waarbij de in 1609 verlaagde muren weer opgetrokken werden tot
de oorspronkelijke hoogte. Door oorlogsgeweld gingen op 8 oktober 1944 de 18e-eeuwse gebrandschilderde ramen en glas van de vensters. De 17e-eeuwse kansel, herenbanken en kaarsenkronen zijn er nog wel. Erboven en ernaast hangen moderne schilderijen. De combinatie oud-nieuw is ook te zien op de tafel voor de kansel: een oude Statenbijbel onder plexiglas, een kleine Groot Nieuwsversie voor gebruik ernaast. Architect E. A. Canneman gaf na de oorlog leiding aan de restauratie van de kerk. De pastorie was in 1944 grotendeels verwoest, het latere kerkraadshuis! De Neef hielp met het verwijderen van het puin. Er kwam een nieuwe pastorie aan de overkant van de straat, waarna in 1962 op de fundamenten van de vroegere sacristie een consistoriekamer werd gebouwd. Het gebouwtje naast de oude pastorie verdween ook. De Neef herinnert zich hoe hij daarin in de oorlog tijdelijk schoolging terwijl er in de kerk toen wel gebeden werd.
